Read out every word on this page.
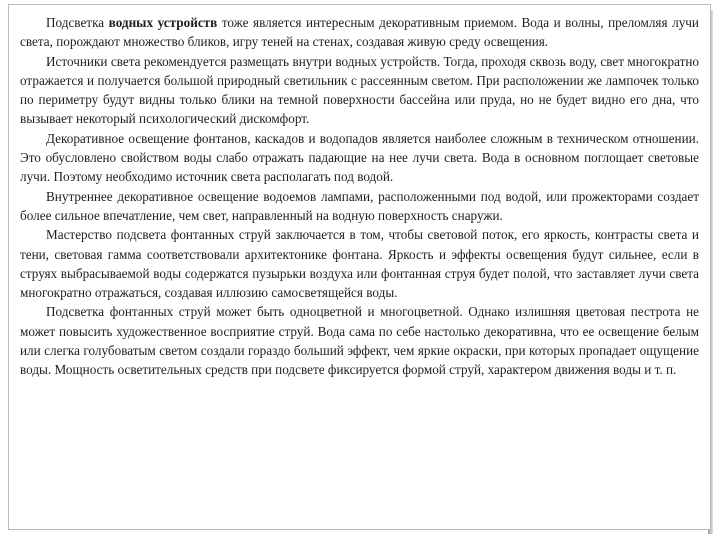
Подсветка водных устройств тоже является интересным декоративным приемом. Вода и волны, преломляя лучи света, порождают множество бликов, игру теней на стенах, создавая живую среду освещения.

Источники света рекомендуется размещать внутри водных устройств. Тогда, проходя сквозь воду, свет многократно отражается и получается большой природный светильник с рассеянным светом. При расположении же лампочек только по периметру будут видны только блики на темной поверхности бассейна или пруда, но не будет видно его дна, что вызывает некоторый психологический дискомфорт.

Декоративное освещение фонтанов, каскадов и водопадов является наиболее сложным в техническом отношении. Это обусловлено свойством воды слабо отражать падающие на нее лучи света. Вода в основном поглощает световые лучи. Поэтому необходимо источник света располагать под водой.

Внутреннее декоративное освещение водоемов лампами, расположенными под водой, или прожекторами создает более сильное впечатление, чем свет, направленный на водную поверхность снаружи.

Мастерство подсвета фонтанных струй заключается в том, чтобы световой поток, его яркость, контрасты света и тени, световая гамма соответствовали архитектонике фонтана. Яркость и эффекты освещения будут сильнее, если в струях выбрасываемой воды содержатся пузырьки воздуха или фонтанная струя будет полой, что заставляет лучи света многократно отражаться, создавая иллюзию самосветящейся воды.

Подсветка фонтанных струй может быть одноцветной и многоцветной. Однако излишняя цветовая пестрота не может повысить художественное восприятие струй. Вода сама по себе настолько декоративна, что ее освещение белым или слегка голубоватым светом создали гораздо больший эффект, чем яркие окраски, при которых пропадает ощущение воды. Мощность осветительных средств при подсвете фиксируется формой струй, характером движения воды и т. п.
